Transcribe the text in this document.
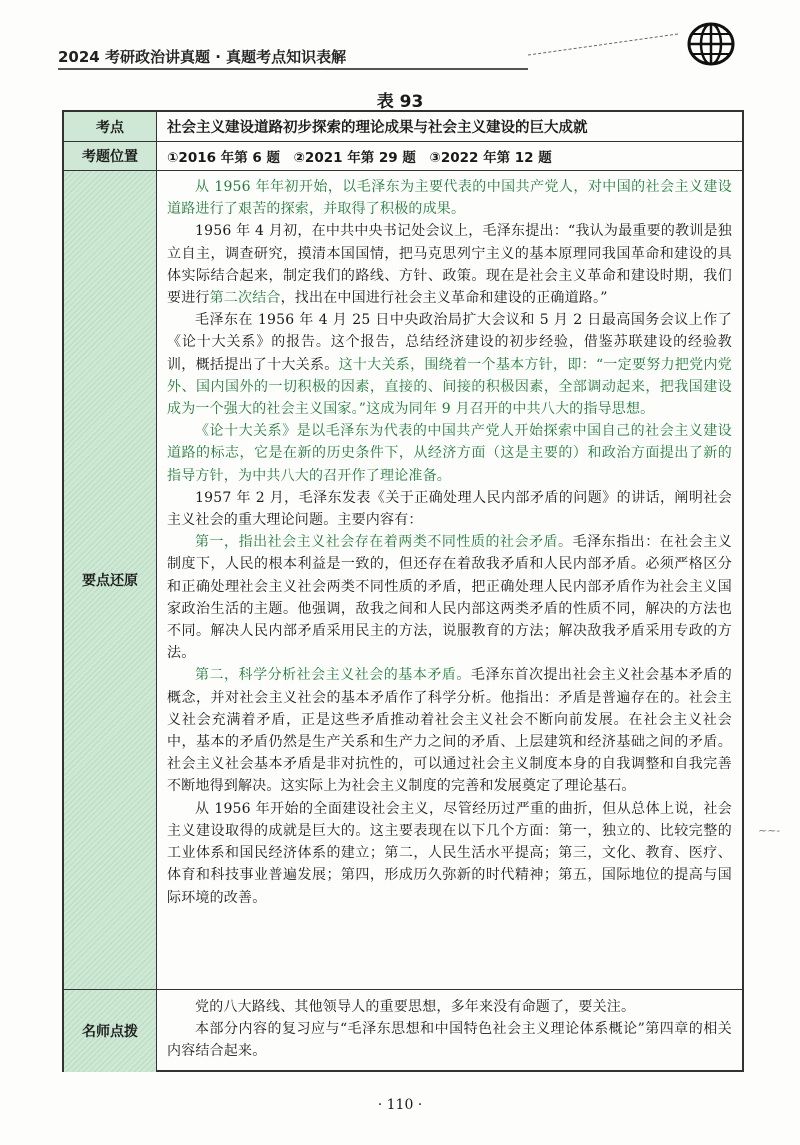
2024 考研政治讲真题 · 真题考点知识表解
表 93
考点	社会主义建设道路初步探索的理论成果与社会主义建设的巨大成就
考题位置	①2016 年第 6 题　②2021 年第 29 题　③2022 年第 12 题
要点还原

从 1956 年年初开始，以毛泽东为主要代表的中国共产党人，对中国的社会主义建设道路进行了艰苦的探索，并取得了积极的成果。

1956 年 4 月初，在中共中央书记处会议上，毛泽东提出：“我认为最重要的教训是独立自主，调查研究，摸清本国国情，把马克思列宁主义的基本原理同我国革命和建设的具体实际结合起来，制定我们的路线、方针、政策。现在是社会主义革命和建设时期，我们要进行第二次结合，找出在中国进行社会主义革命和建设的正确道路。”

毛泽东在 1956 年 4 月 25 日中央政治局扩大会议和 5 月 2 日最高国务会议上作了《论十大关系》的报告。这个报告，总结经济建设的初步经验，借鉴苏联建设的经验教训，概括提出了十大关系。这十大关系，围绕着一个基本方针，即：“一定要努力把党内党外、国内国外的一切积极的因素，直接的、间接的积极因素，全部调动起来，把我国建设成为一个强大的社会主义国家。”这成为同年 9 月召开的中共八大的指导思想。

《论十大关系》是以毛泽东为代表的中国共产党人开始探索中国自己的社会主义建设道路的标志，它是在新的历史条件下，从经济方面（这是主要的）和政治方面提出了新的指导方针，为中共八大的召开作了理论准备。

1957 年 2 月，毛泽东发表《关于正确处理人民内部矛盾的问题》的讲话，阐明社会主义社会的重大理论问题。主要内容有：

第一，指出社会主义社会存在着两类不同性质的社会矛盾。毛泽东指出：在社会主义制度下，人民的根本利益是一致的，但还存在着敌我矛盾和人民内部矛盾。必须严格区分和正确处理社会主义社会两类不同性质的矛盾，把正确处理人民内部矛盾作为社会主义国家政治生活的主题。他强调，敌我之间和人民内部这两类矛盾的性质不同，解决的方法也不同。解决人民内部矛盾采用民主的方法，说服教育的方法；解决敌我矛盾采用专政的方法。

第二，科学分析社会主义社会的基本矛盾。毛泽东首次提出社会主义社会基本矛盾的概念，并对社会主义社会的基本矛盾作了科学分析。他指出：矛盾是普遍存在的。社会主义社会充满着矛盾，正是这些矛盾推动着社会主义社会不断向前发展。在社会主义社会中，基本的矛盾仍然是生产关系和生产力之间的矛盾、上层建筑和经济基础之间的矛盾。社会主义社会基本矛盾是非对抗性的，可以通过社会主义制度本身的自我调整和自我完善不断地得到解决。这实际上为社会主义制度的完善和发展奠定了理论基石。

从 1956 年开始的全面建设社会主义，尽管经历过严重的曲折，但从总体上说，社会主义建设取得的成就是巨大的。这主要表现在以下几个方面：第一，独立的、比较完整的工业体系和国民经济体系的建立；第二，人民生活水平提高；第三，文化、教育、医疗、体育和科技事业普遍发展；第四，形成历久弥新的时代精神；第五，国际地位的提高与国际环境的改善。

名师点拨

党的八大路线、其他领导人的重要思想，多年来没有命题了，要关注。

本部分内容的复习应与“毛泽东思想和中国特色社会主义理论体系概论”第四章的相关内容结合起来。

~~-
· 110 ·
